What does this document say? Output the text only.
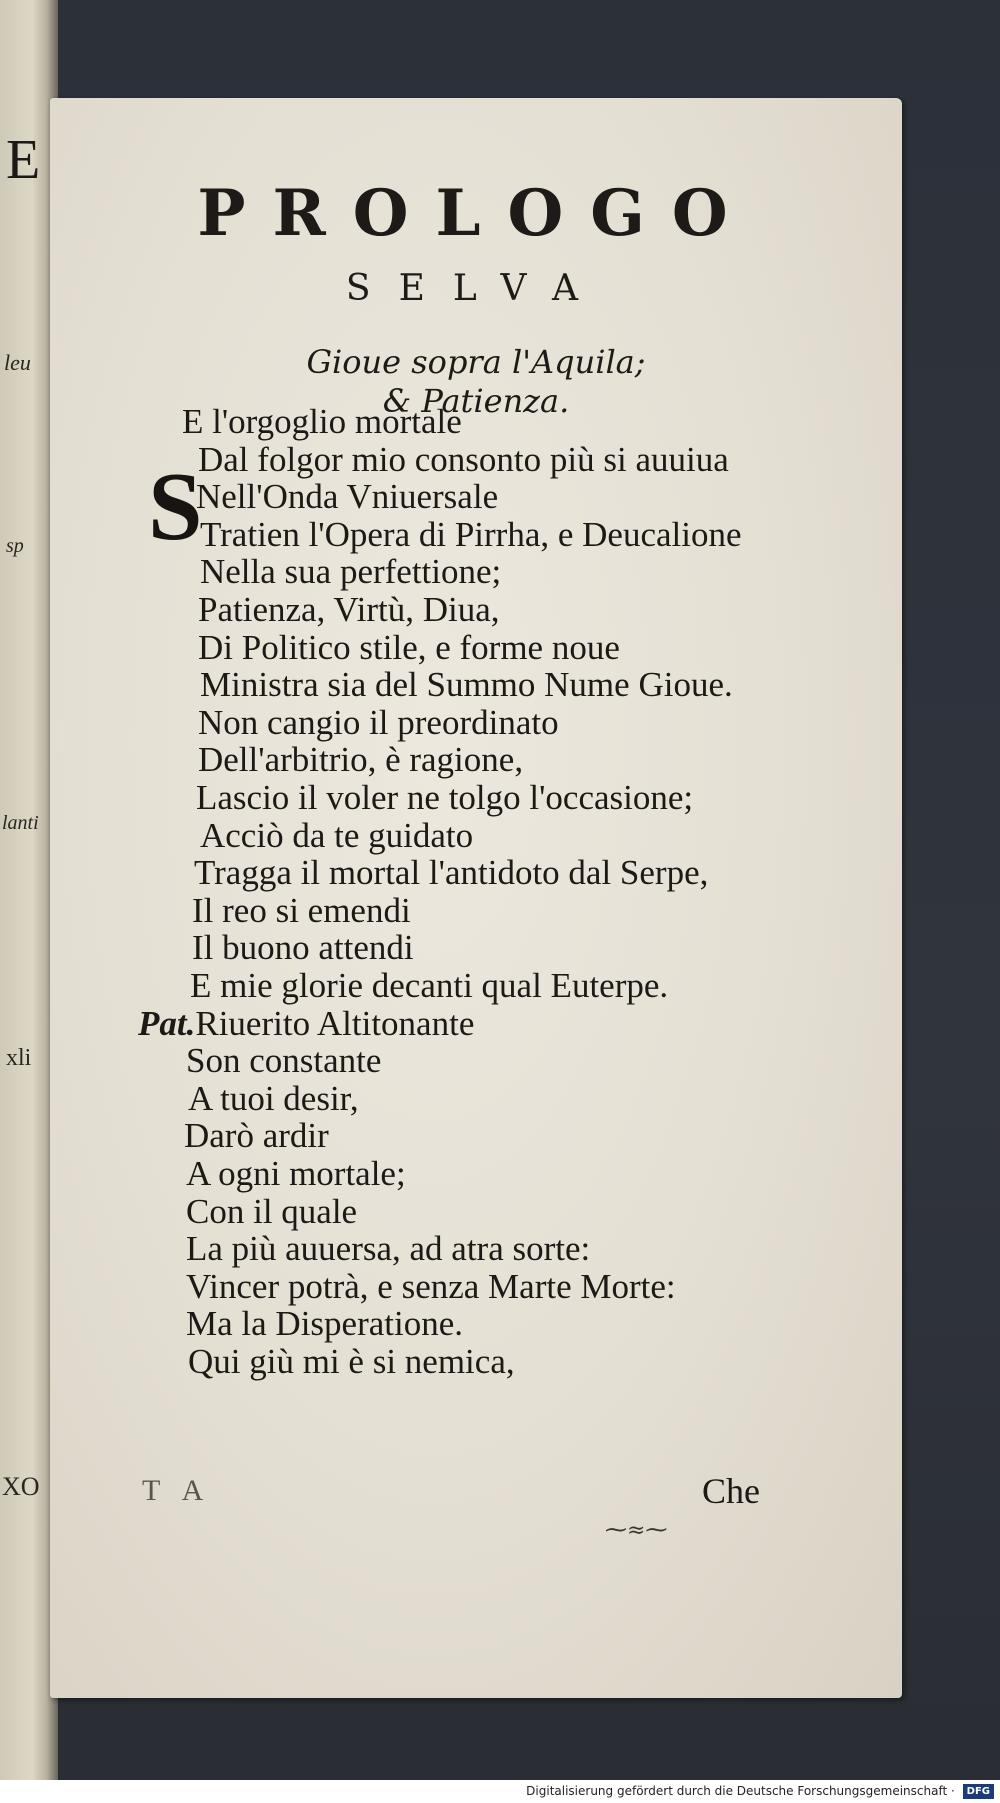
E
leu
sp
lanti
xli
XO
PROLOGO
SELVA
Gioue sopra l'Aquila;
& Patienza.
S
E l'orgoglio mortale
Dal folgor mio consonto più si auuiua
Nell'Onda Vniuersale
Tratien l'Opera di Pirrha, e Deucalione
Nella sua perfettione;
Patienza, Virtù, Diua,
Di Politico stile, e forme noue
Ministra sia del Summo Nume Gioue.
Non cangio il preordinato
Dell'arbitrio, è ragione,
Lascio il voler ne tolgo l'occasione;
Acciò da te guidato
Tragga il mortal l'antidoto dal Serpe,
Il reo si emendi
Il buono attendi
E mie glorie decanti qual Euterpe.
Pat.Riuerito Altitonante
Son constante
A tuoi desir,
Darò ardir
A ogni mortale;
Con il quale
La più auuersa, ad atra sorte:
Vincer potrà, e senza Marte Morte:
Ma la Disperatione.
Qui giù mi è si nemica,
T A	Che
⁓≈⁓
Digitalisierung gefördert durch die Deutsche Forschungsgemeinschaft · DFG
